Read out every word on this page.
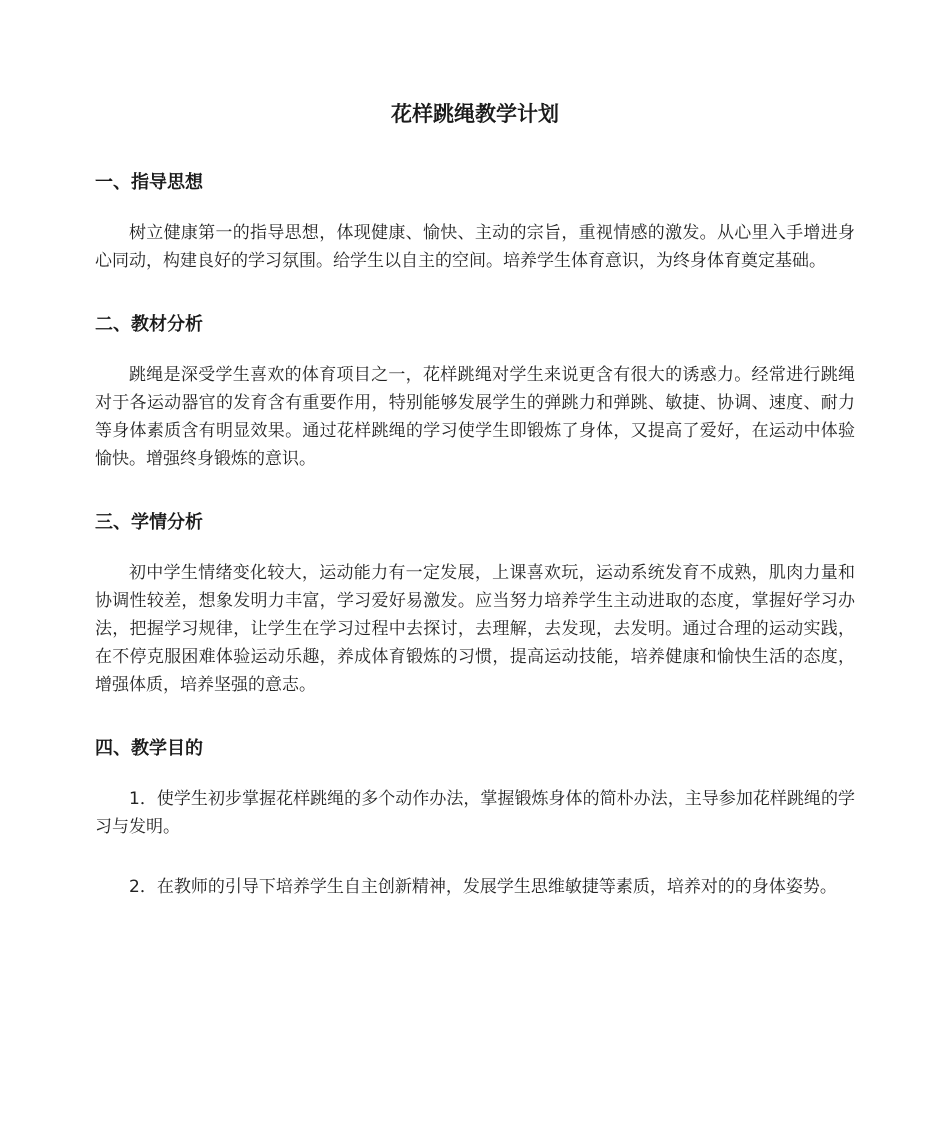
花样跳绳教学计划
一、指导思想

树立健康第一的指导思想，体现健康、愉快、主动的宗旨，重视情感的激发。从心里入手增进身心同动，构建良好的学习氛围。给学生以自主的空间。培养学生体育意识，为终身体育奠定基础。

二、教材分析

跳绳是深受学生喜欢的体育项目之一，花样跳绳对学生来说更含有很大的诱惑力。经常进行跳绳对于各运动器官的发育含有重要作用，特别能够发展学生的弹跳力和弹跳、敏捷、协调、速度、耐力等身体素质含有明显效果。通过花样跳绳的学习使学生即锻炼了身体，又提高了爱好，在运动中体验愉快。增强终身锻炼的意识。

三、学情分析

初中学生情绪变化较大，运动能力有一定发展，上课喜欢玩，运动系统发育不成熟，肌肉力量和协调性较差，想象发明力丰富，学习爱好易激发。应当努力培养学生主动进取的态度，掌握好学习办法，把握学习规律，让学生在学习过程中去探讨，去理解，去发现，去发明。通过合理的运动实践，在不停克服困难体验运动乐趣，养成体育锻炼的习惯，提高运动技能，培养健康和愉快生活的态度，增强体质，培养坚强的意志。

四、教学目的

1．使学生初步掌握花样跳绳的多个动作办法，掌握锻炼身体的简朴办法，主导参加花样跳绳的学习与发明。

2．在教师的引导下培养学生自主创新精神，发展学生思维敏捷等素质，培养对的的身体姿势。
